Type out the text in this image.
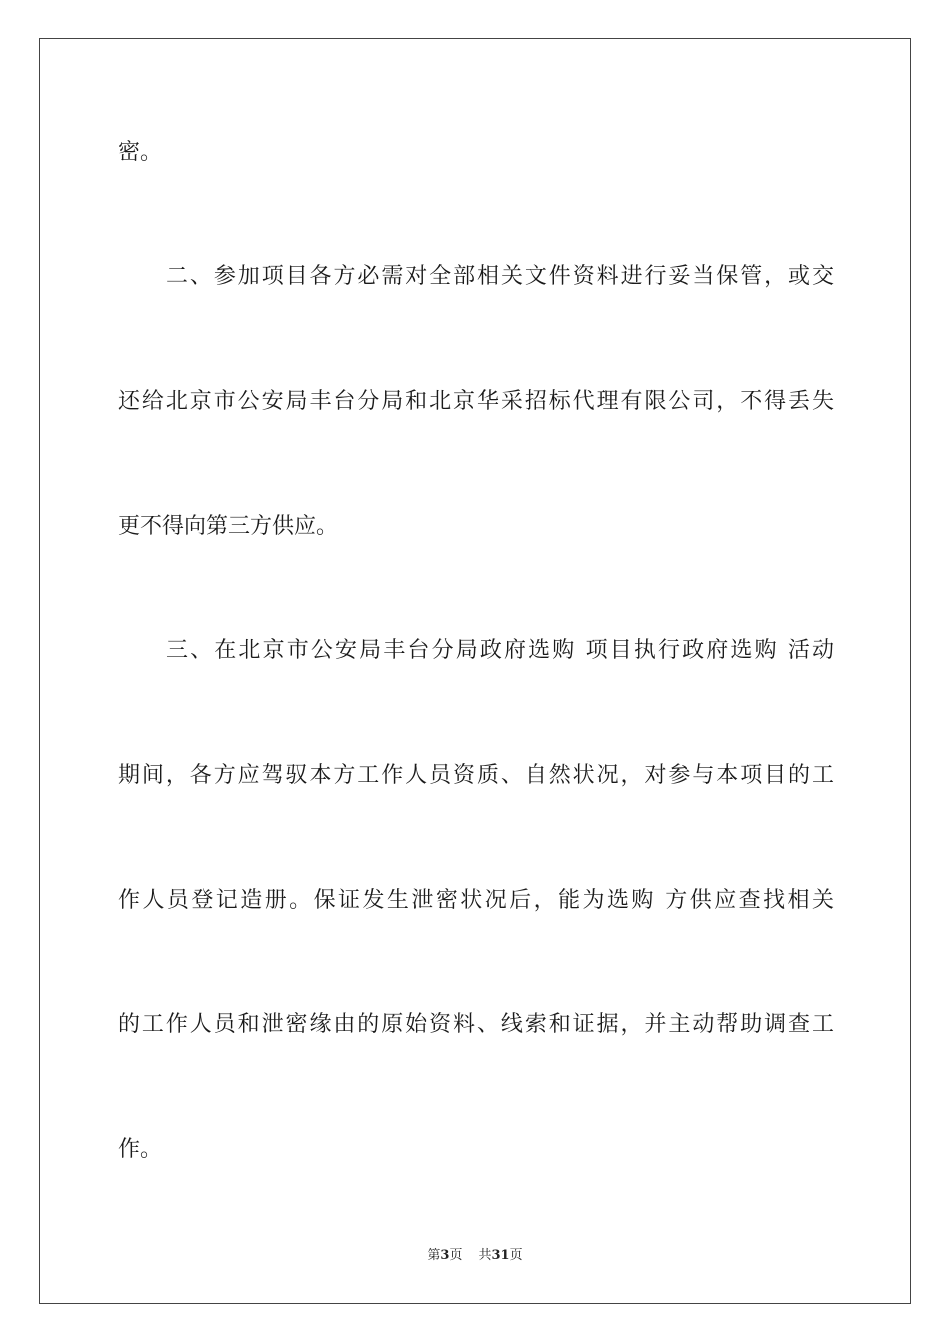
密。
二、参加项目各方必需对全部相关文件资料进行妥当保管，或交
还给北京市公安局丰台分局和北京华采招标代理有限公司，不得丢失
更不得向第三方供应。
三、在北京市公安局丰台分局政府选购 项目执行政府选购 活动
期间，各方应驾驭本方工作人员资质、自然状况，对参与本项目的工
作人员登记造册。保证发生泄密状况后，能为选购 方供应查找相关
的工作人员和泄密缘由的原始资料、线索和证据，并主动帮助调查工
作。
第3页 共31页
